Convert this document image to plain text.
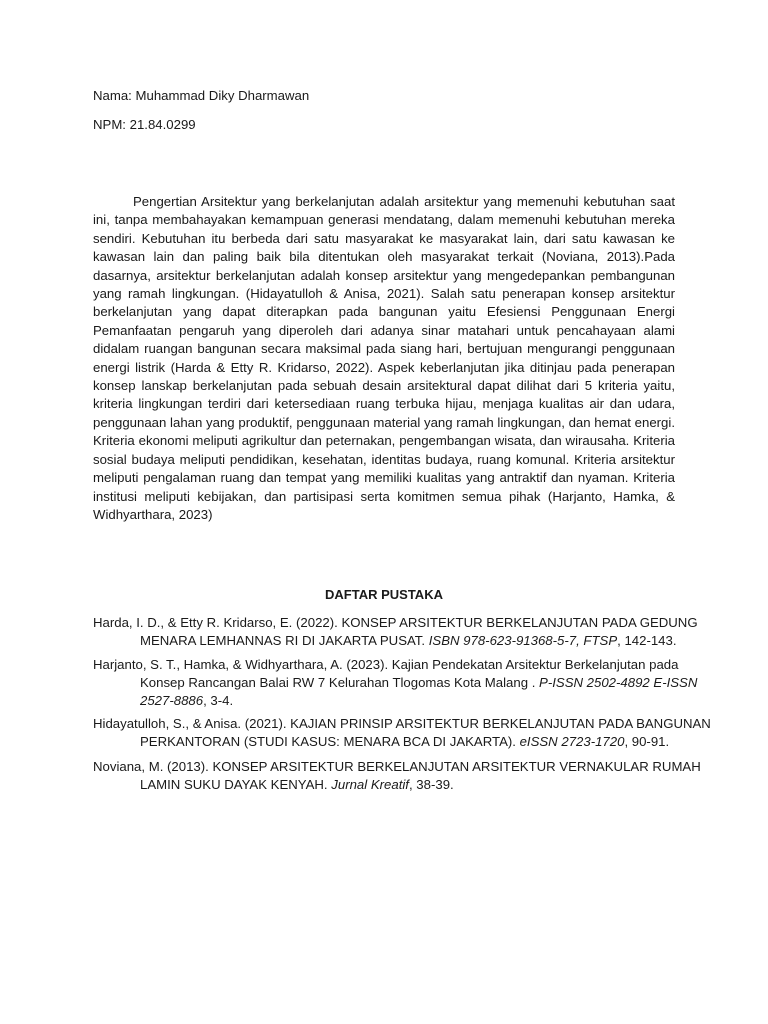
Nama: Muhammad Diky Dharmawan
NPM: 21.84.0299

Pengertian Arsitektur yang berkelanjutan adalah arsitektur yang memenuhi kebutuhan saat ini, tanpa membahayakan kemampuan generasi mendatang, dalam memenuhi kebutuhan mereka sendiri. Kebutuhan itu berbeda dari satu masyarakat ke masyarakat lain, dari satu kawasan ke kawasan lain dan paling baik bila ditentukan oleh masyarakat terkait (Noviana, 2013).Pada dasarnya, arsitektur berkelanjutan adalah konsep arsitektur yang mengedepankan pembangunan yang ramah lingkungan. (Hidayatulloh & Anisa, 2021). Salah satu penerapan konsep arsitektur berkelanjutan yang dapat diterapkan pada bangunan yaitu Efesiensi Penggunaan Energi Pemanfaatan pengaruh yang diperoleh dari adanya sinar matahari untuk pencahayaan alami didalam ruangan bangunan secara maksimal pada siang hari, bertujuan mengurangi penggunaan energi listrik (Harda & Etty R. Kridarso, 2022). Aspek keberlanjutan jika ditinjau pada penerapan konsep lanskap berkelanjutan pada sebuah desain arsitektural dapat dilihat dari 5 kriteria yaitu, kriteria lingkungan terdiri dari ketersediaan ruang terbuka hijau, menjaga kualitas air dan udara, penggunaan lahan yang produktif, penggunaan material yang ramah lingkungan, dan hemat energi. Kriteria ekonomi meliputi agrikultur dan peternakan, pengembangan wisata, dan wirausaha. Kriteria sosial budaya meliputi pendidikan, kesehatan, identitas budaya, ruang komunal. Kriteria arsitektur meliputi pengalaman ruang dan tempat yang memiliki kualitas yang antraktif dan nyaman. Kriteria institusi meliputi kebijakan, dan partisipasi serta komitmen semua pihak (Harjanto, Hamka, & Widhyarthara, 2023)

DAFTAR PUSTAKA

Harda, I. D., & Etty R. Kridarso, E. (2022). KONSEP ARSITEKTUR BERKELANJUTAN PADA GEDUNG MENARA LEMHANNAS RI DI JAKARTA PUSAT. ISBN 978-623-91368-5-7, FTSP, 142-143.

Harjanto, S. T., Hamka, & Widhyarthara, A. (2023). Kajian Pendekatan Arsitektur Berkelanjutan pada Konsep Rancangan Balai RW 7 Kelurahan Tlogomas Kota Malang . P-ISSN 2502-4892 E-ISSN 2527-8886, 3-4.

Hidayatulloh, S., & Anisa. (2021). KAJIAN PRINSIP ARSITEKTUR BERKELANJUTAN PADA BANGUNAN PERKANTORAN (STUDI KASUS: MENARA BCA DI JAKARTA). eISSN 2723-1720, 90-91.

Noviana, M. (2013). KONSEP ARSITEKTUR BERKELANJUTAN ARSITEKTUR VERNAKULAR RUMAH LAMIN SUKU DAYAK KENYAH. Jurnal Kreatif, 38-39.
